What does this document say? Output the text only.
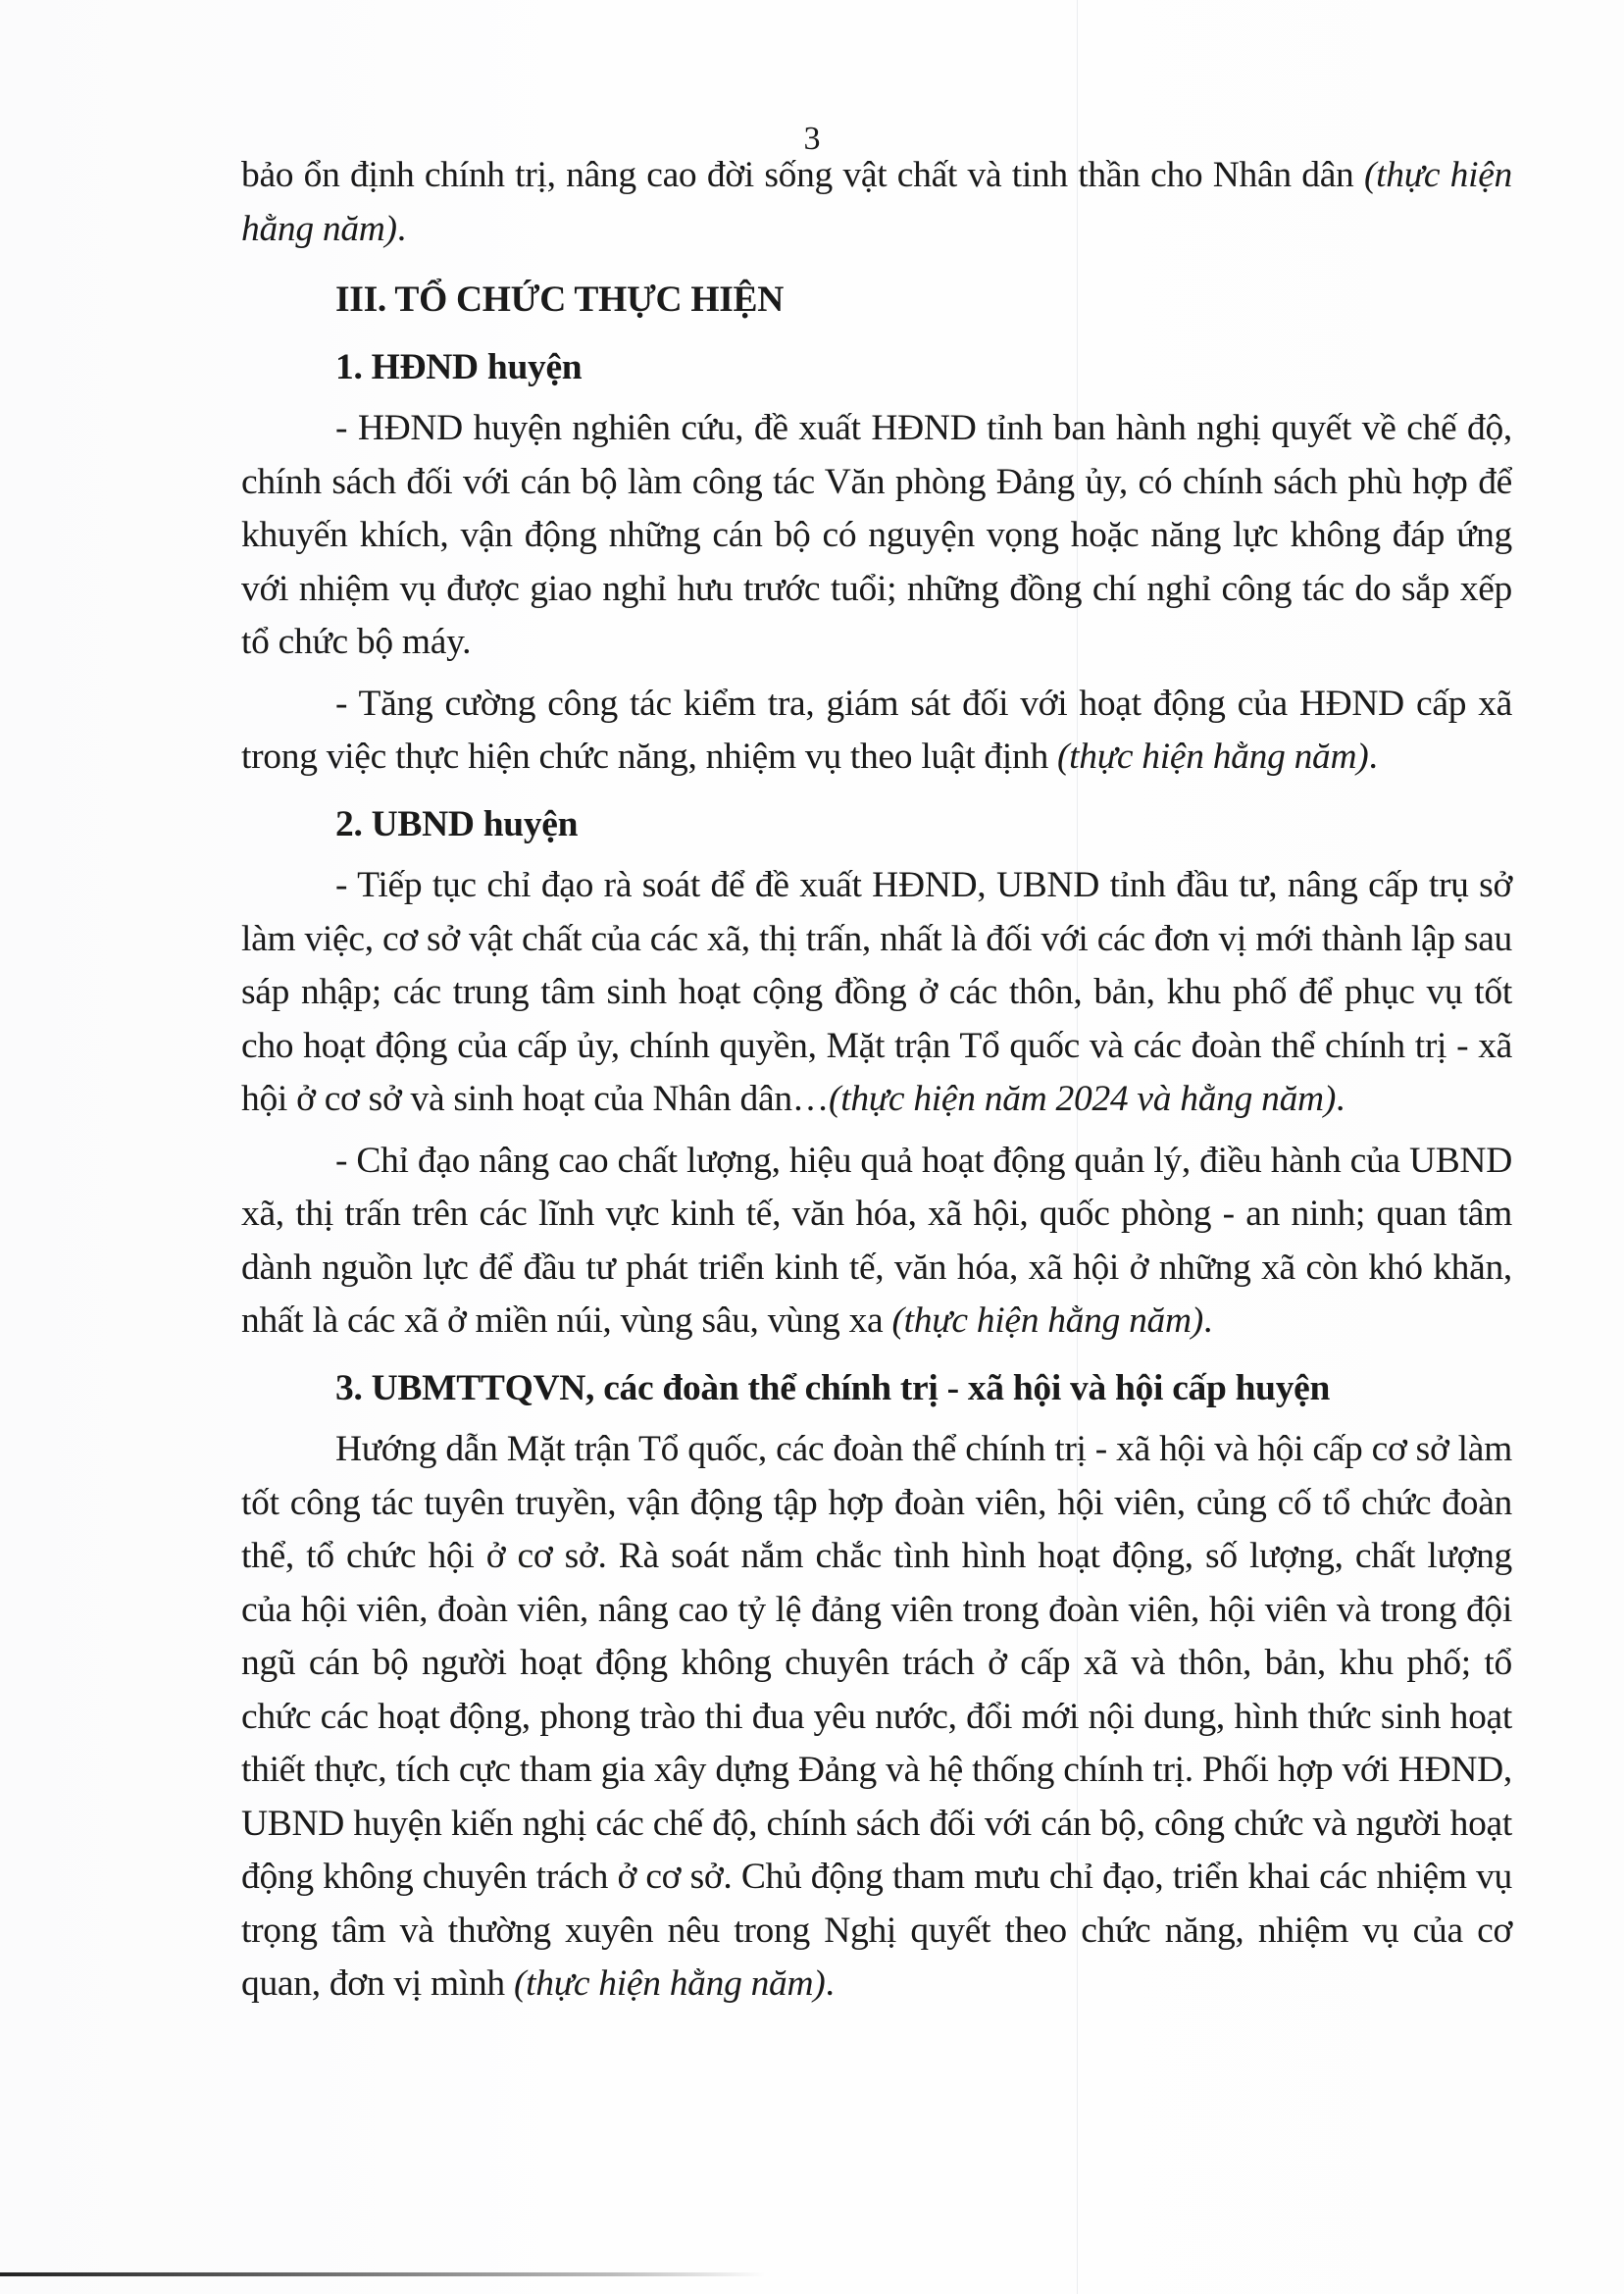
3

bảo ổn định chính trị, nâng cao đời sống vật chất và tinh thần cho Nhân dân (thực hiện hằng năm).

III. TỔ CHỨC THỰC HIỆN
1. HĐND huyện

- HĐND huyện nghiên cứu, đề xuất HĐND tỉnh ban hành nghị quyết về chế độ, chính sách đối với cán bộ làm công tác Văn phòng Đảng ủy, có chính sách phù hợp để khuyến khích, vận động những cán bộ có nguyện vọng hoặc năng lực không đáp ứng với nhiệm vụ được giao nghỉ hưu trước tuổi; những đồng chí nghỉ công tác do sắp xếp tổ chức bộ máy.

- Tăng cường công tác kiểm tra, giám sát đối với hoạt động của HĐND cấp xã trong việc thực hiện chức năng, nhiệm vụ theo luật định (thực hiện hằng năm).

2. UBND huyện

- Tiếp tục chỉ đạo rà soát để đề xuất HĐND, UBND tỉnh đầu tư, nâng cấp trụ sở làm việc, cơ sở vật chất của các xã, thị trấn, nhất là đối với các đơn vị mới thành lập sau sáp nhập; các trung tâm sinh hoạt cộng đồng ở các thôn, bản, khu phố để phục vụ tốt cho hoạt động của cấp ủy, chính quyền, Mặt trận Tổ quốc và các đoàn thể chính trị - xã hội ở cơ sở và sinh hoạt của Nhân dân…(thực hiện năm 2024 và hằng năm).

- Chỉ đạo nâng cao chất lượng, hiệu quả hoạt động quản lý, điều hành của UBND xã, thị trấn trên các lĩnh vực kinh tế, văn hóa, xã hội, quốc phòng - an ninh; quan tâm dành nguồn lực để đầu tư phát triển kinh tế, văn hóa, xã hội ở những xã còn khó khăn, nhất là các xã ở miền núi, vùng sâu, vùng xa (thực hiện hằng năm).

3. UBMTTQVN, các đoàn thể chính trị - xã hội và hội cấp huyện

Hướng dẫn Mặt trận Tổ quốc, các đoàn thể chính trị - xã hội và hội cấp cơ sở làm tốt công tác tuyên truyền, vận động tập hợp đoàn viên, hội viên, củng cố tổ chức đoàn thể, tổ chức hội ở cơ sở. Rà soát nắm chắc tình hình hoạt động, số lượng, chất lượng của hội viên, đoàn viên, nâng cao tỷ lệ đảng viên trong đoàn viên, hội viên và trong đội ngũ cán bộ người hoạt động không chuyên trách ở cấp xã và thôn, bản, khu phố; tổ chức các hoạt động, phong trào thi đua yêu nước, đổi mới nội dung, hình thức sinh hoạt thiết thực, tích cực tham gia xây dựng Đảng và hệ thống chính trị. Phối hợp với HĐND, UBND huyện kiến nghị các chế độ, chính sách đối với cán bộ, công chức và người hoạt động không chuyên trách ở cơ sở. Chủ động tham mưu chỉ đạo, triển khai các nhiệm vụ trọng tâm và thường xuyên nêu trong Nghị quyết theo chức năng, nhiệm vụ của cơ quan, đơn vị mình (thực hiện hằng năm).
